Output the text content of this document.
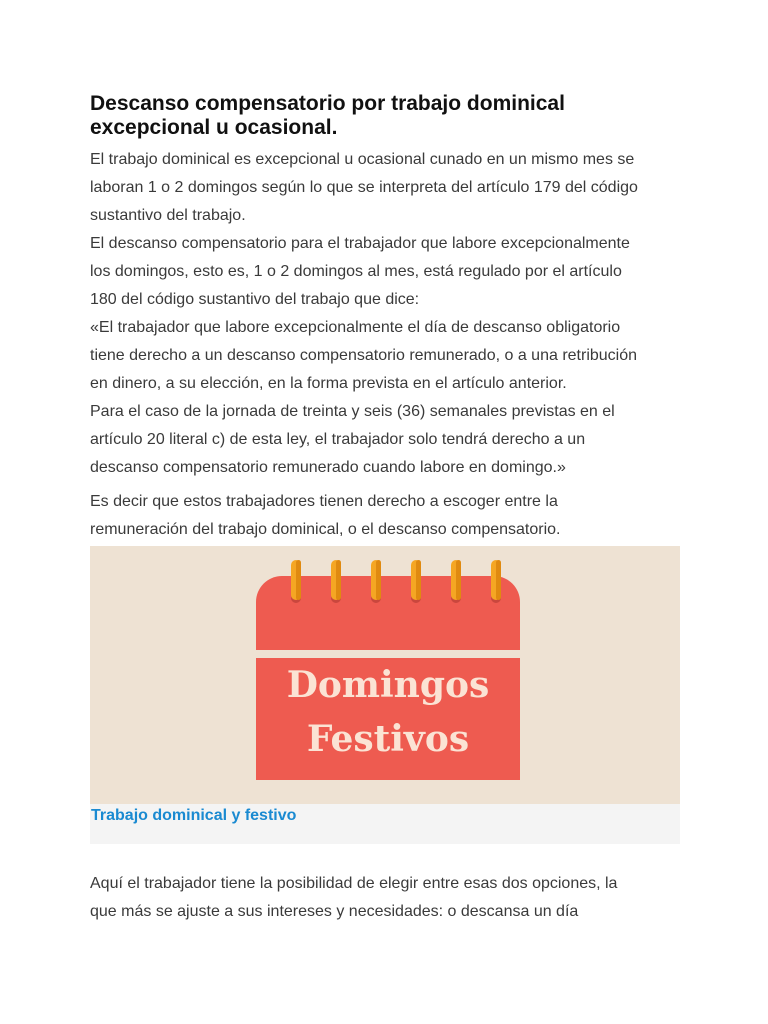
Descanso compensatorio por trabajo dominical excepcional u ocasional.
El trabajo dominical es excepcional u ocasional cunado en un mismo mes se
laboran 1 o 2 domingos según lo que se interpreta del artículo 179 del código
sustantivo del trabajo.
El descanso compensatorio para el trabajador que labore excepcionalmente
los domingos, esto es, 1 o 2 domingos al mes, está regulado por el artículo
180 del código sustantivo del trabajo que dice:
«El trabajador que labore excepcionalmente el día de descanso obligatorio
tiene derecho a un descanso compensatorio remunerado, o a una retribución
en dinero, a su elección, en la forma prevista en el artículo anterior.
Para el caso de la jornada de treinta y seis (36) semanales previstas en el
artículo 20 literal c) de esta ley, el trabajador solo tendrá derecho a un
descanso compensatorio remunerado cuando labore en domingo.»
Es decir que estos trabajadores tienen derecho a escoger entre la
remuneración del trabajo dominical, o el descanso compensatorio.
Domingos
Festivos
Trabajo dominical y festivo
Aquí el trabajador tiene la posibilidad de elegir entre esas dos opciones, la
que más se ajuste a sus intereses y necesidades: o descansa un día
